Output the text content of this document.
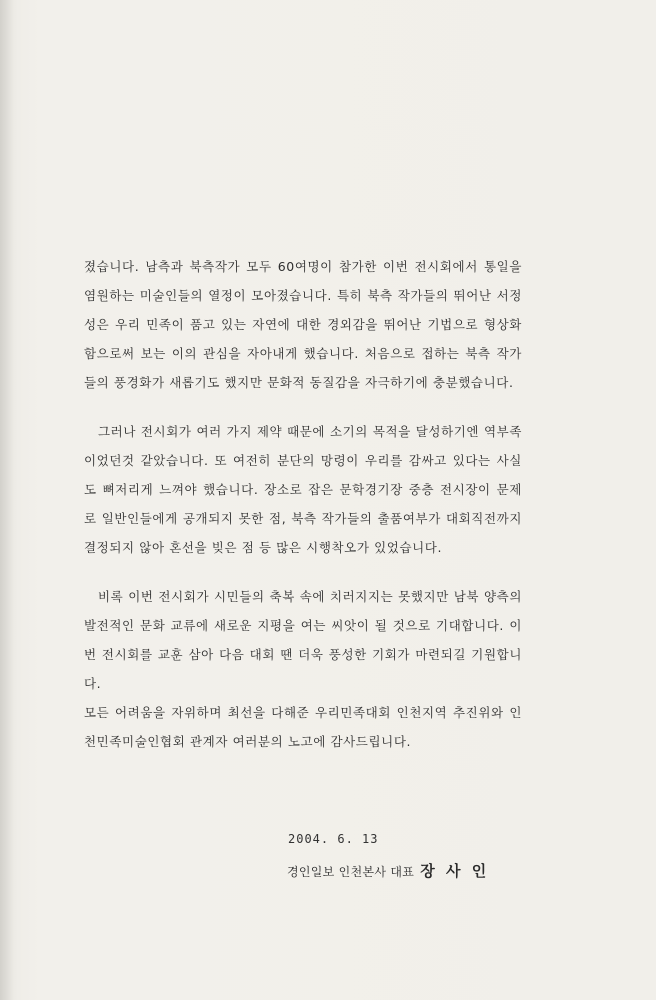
졌습니다. 남측과 북측작가 모두 60여명이 참가한 이번 전시회에서 통일을 염원하는 미술인들의 열정이 모아졌습니다. 특히 북측 작가들의 뛰어난 서정성은 우리 민족이 품고 있는 자연에 대한 경외감을 뛰어난 기법으로 형상화함으로써 보는 이의 관심을 자아내게 했습니다. 처음으로 접하는 북측 작가들의 풍경화가 새롭기도 했지만 문화적 동질감을 자극하기에 충분했습니다.

그러나 전시회가 여러 가지 제약 때문에 소기의 목적을 달성하기엔 역부족이었던것 같았습니다. 또 여전히 분단의 망령이 우리를 감싸고 있다는 사실도 뼈저리게 느껴야 했습니다. 장소로 잡은 문학경기장 중층 전시장이 문제로 일반인들에게 공개되지 못한 점, 북측 작가들의 출품여부가 대회직전까지 결정되지 않아 혼선을 빚은 점 등 많은 시행착오가 있었습니다.

비록 이번 전시회가 시민들의 축복 속에 치러지지는 못했지만 남북 양측의 발전적인 문화 교류에 새로운 지평을 여는 씨앗이 될 것으로 기대합니다. 이번 전시회를 교훈 삼아 다음 대회 땐 더욱 풍성한 기회가 마련되길 기원합니다.

모든 어려움을 자위하며 최선을 다해준 우리민족대회 인천지역 추진위와 인천민족미술인협회 관계자 여러분의 노고에 감사드립니다.

2004. 6. 13
경인일보 인천본사 대표 장 사 인
